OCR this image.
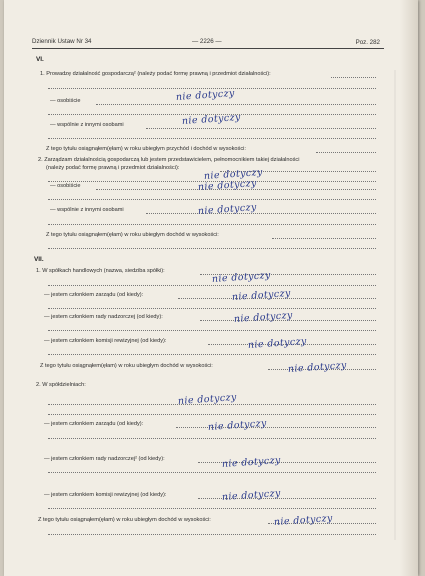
Dziennik Ustaw Nr 34	— 2226 —	Poz. 282
VI.
1. Prowadzę działalność gospodarczą² (należy podać formę prawną i przedmiot działalności):
— osobiście	nie dotyczy
— wspólnie z innymi osobami	nie dotyczy
Z tego tytułu osiągnąłem(ęłam) w roku ubiegłym przychód i dochód w wysokości:
2. Zarządzam działalnością gospodarczą lub jestem przedstawicielem, pełnomocnikiem takiej działalności
(należy podać formę prawną i przedmiot działalności):	nie dotyczy
— osobiście	nie dotyczy
— wspólnie z innymi osobami	nie dotyczy
Z tego tytułu osiągnąłem(ęłam) w roku ubiegłym dochód w wysokości:
VII.
1. W spółkach handlowych (nazwa, siedziba spółki):	nie dotyczy
— jestem członkiem zarządu (od kiedy):	nie dotyczy
— jestem członkiem rady nadzorczej (od kiedy):	nie dotyczy
— jestem członkiem komisji rewizyjnej (od kiedy):	nie dotyczy
Z tego tytułu osiągnąłem(ęłam) w roku ubiegłym dochód w wysokości:	nie dotyczy
2. W spółdzielniach:
nie dotyczy
— jestem członkiem zarządu (od kiedy):	nie dotyczy
— jestem członkiem rady nadzorczej² (od kiedy):	nie dotyczy
— jestem członkiem komisji rewizyjnej (od kiedy):	nie dotyczy
Z tego tytułu osiągnąłem(ęłam) w roku ubiegłym dochód w wysokości:	nie dotyczy
